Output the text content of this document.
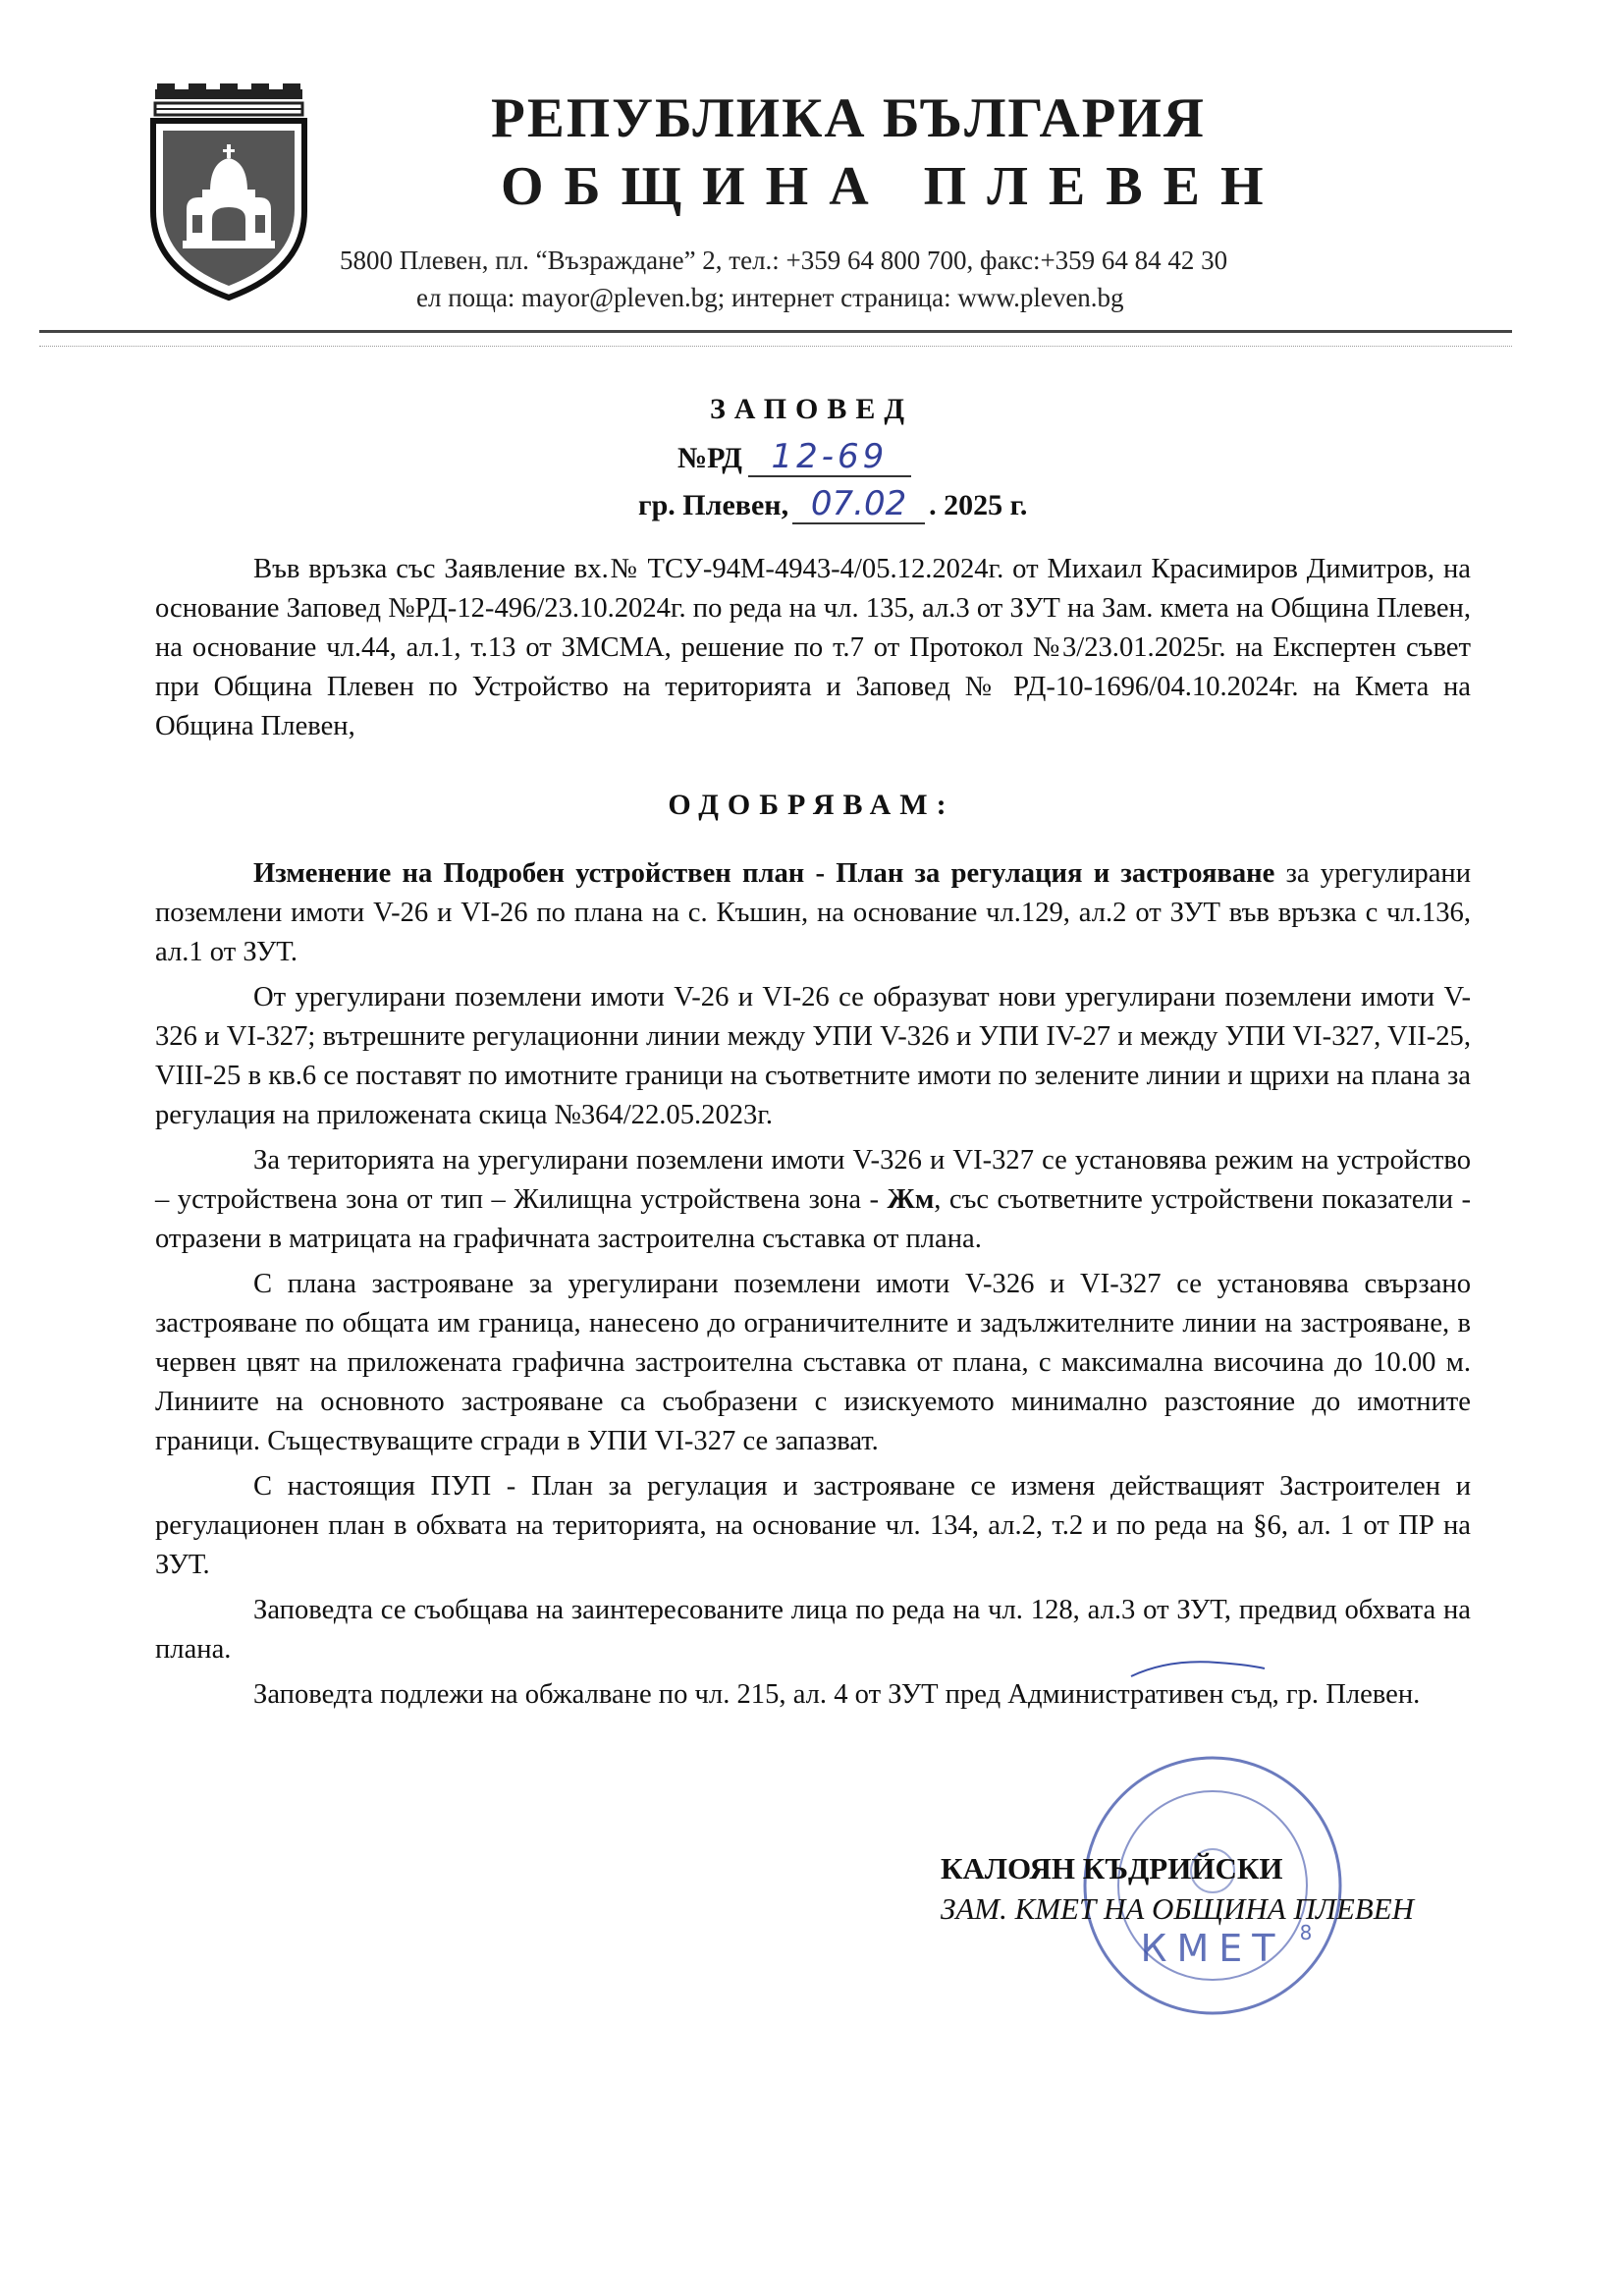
РЕПУБЛИКА БЪЛГАРИЯ
ОБЩИНА ПЛЕВЕН
5800 Плевен, пл. “Възраждане” 2, тел.: +359 64 800 700, факс:+359 64 84 42 30
ел поща: mayor@pleven.bg; интернет страница: www.pleven.bg
ЗАПОВЕД
№РД 12-69
гр. Плевен, 07.02 . 2025 г.
Във връзка със Заявление вх.№ ТСУ-94М-4943-4/05.12.2024г. от Михаил Красимиров Димитров, на основание Заповед №РД-12-496/23.10.2024г. по реда на чл. 135, ал.3 от ЗУТ на Зам. кмета на Община Плевен, на основание чл.44, ал.1, т.13 от ЗМСМА, решение по т.7 от Протокол №3/23.01.2025г. на Експертен съвет при Община Плевен по Устройство на територията и Заповед № РД-10-1696/04.10.2024г. на Кмета на Община Плевен,
ОДОБРЯВАМ:

Изменение на Подробен устройствен план - План за регулация и застрояване за урегулирани поземлени имоти V-26 и VI-26 по плана на с. Къшин, на основание чл.129, ал.2 от ЗУТ във връзка с чл.136, ал.1 от ЗУТ.

От урегулирани поземлени имоти V-26 и VI-26 се образуват нови урегулирани поземлени имоти V-326 и VI-327; вътрешните регулационни линии между УПИ V-326 и УПИ IV-27 и между УПИ VI-327, VII-25, VIII-25 в кв.6 се поставят по имотните граници на съответните имоти по зелените линии и щрихи на плана за регулация на приложената скица №364/22.05.2023г.

За територията на урегулирани поземлени имоти V-326 и VI-327 се установява режим на устройство – устройствена зона от тип – Жилищна устройствена зона - Жм, със съответните устройствени показатели - отразени в матрицата на графичната застроителна съставка от плана.

С плана застрояване за урегулирани поземлени имоти V-326 и VI-327 се установява свързано застрояване по общата им граница, нанесено до ограничителните и задължителните линии на застрояване, в червен цвят на приложената графична застроителна съставка от плана, с максимална височина до 10.00 м. Линиите на основното застрояване са съобразени с изискуемото минимално разстояние до имотните граници. Съществуващите сгради в УПИ VI-327 се запазват.

С настоящия ПУП - План за регулация и застрояване се изменя действащият Застроителен и регулационен план в обхвата на територията, на основание чл. 134, ал.2, т.2 и по реда на §6, ал. 1 от ПР на ЗУТ.

Заповедта се съобщава на заинтересованите лица по реда на чл. 128, ал.3 от ЗУТ, предвид обхвата на плана.

Заповедта подлежи на обжалване по чл. 215, ал. 4 от ЗУТ пред Административен съд, гр. Плевен.

КМЕТ 8
КАЛОЯН КЪДРИЙСКИ
ЗАМ. КМЕТ НА ОБЩИНА ПЛЕВЕН
